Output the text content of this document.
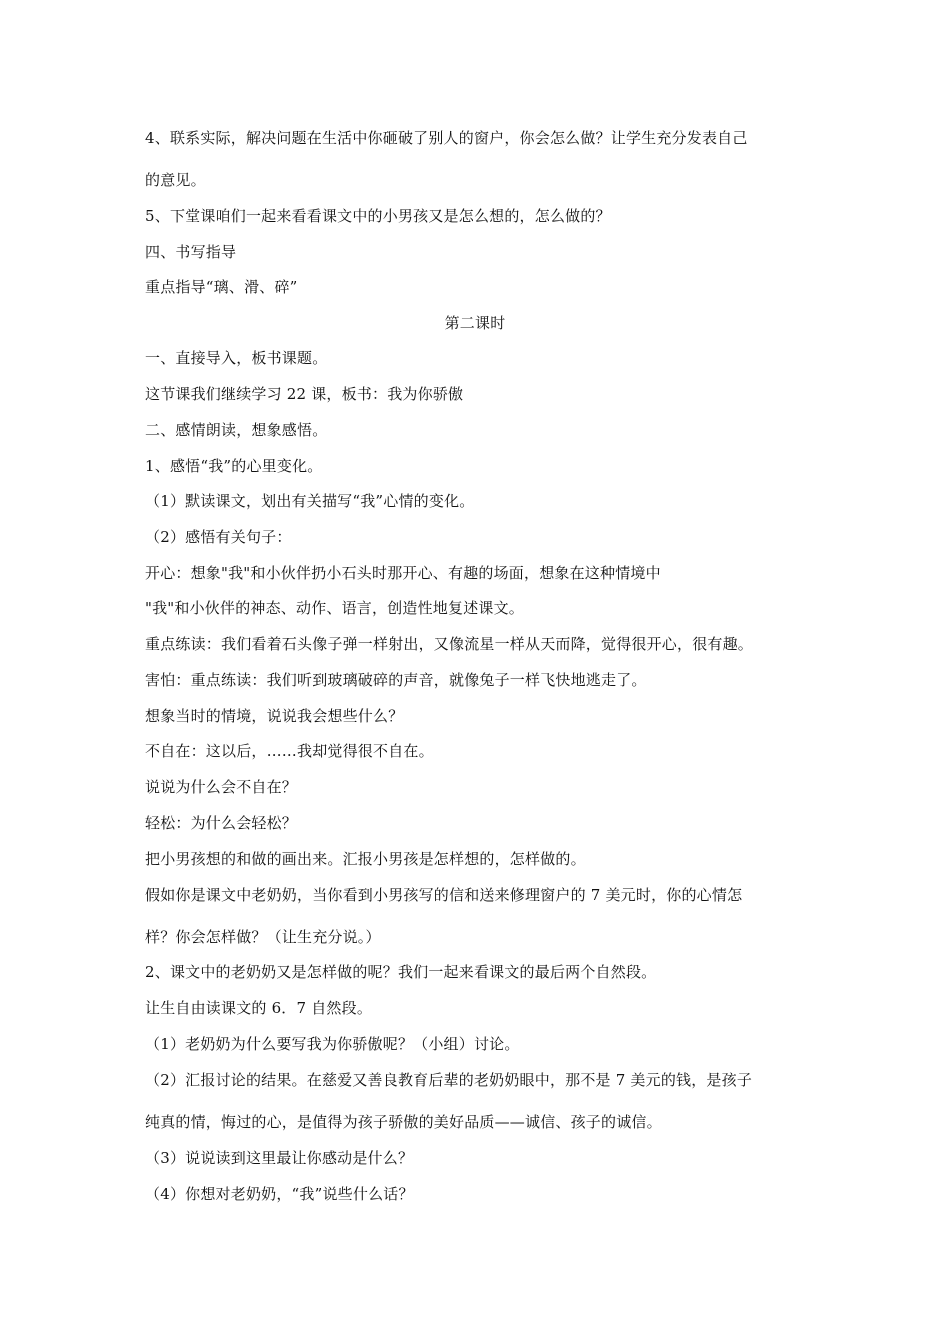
4、联系实际，解决问题在生活中你砸破了别人的窗户，你会怎么做？让学生充分发表自己
的意见。
5、下堂课咱们一起来看看课文中的小男孩又是怎么想的，怎么做的？
四、书写指导
重点指导“璃、滑、碎”
第二课时
一、直接导入，板书课题。
这节课我们继续学习 22 课，板书：我为你骄傲
二、感情朗读，想象感悟。
1、感悟“我”的心里变化。
（1）默读课文，划出有关描写“我”心情的变化。
（2）感悟有关句子：
开心：想象"我"和小伙伴扔小石头时那开心、有趣的场面，想象在这种情境中
"我"和小伙伴的神态、动作、语言，创造性地复述课文。
重点练读：我们看着石头像子弹一样射出，又像流星一样从天而降，觉得很开心，很有趣。
害怕：重点练读：我们听到玻璃破碎的声音，就像兔子一样飞快地逃走了。
想象当时的情境，说说我会想些什么？
不自在：这以后，……我却觉得很不自在。
说说为什么会不自在？
轻松：为什么会轻松？
把小男孩想的和做的画出来。汇报小男孩是怎样想的，怎样做的。
假如你是课文中老奶奶，当你看到小男孩写的信和送来修理窗户的 7 美元时，你的心情怎
样？你会怎样做？（让生充分说。）
2、课文中的老奶奶又是怎样做的呢？我们一起来看课文的最后两个自然段。
让生自由读课文的 6．7 自然段。
（1）老奶奶为什么要写我为你骄傲呢？（小组）讨论。
（2）汇报讨论的结果。在慈爱又善良教育后辈的老奶奶眼中，那不是 7 美元的钱，是孩子
纯真的情，悔过的心，是值得为孩子骄傲的美好品质——诚信、孩子的诚信。
（3）说说读到这里最让你感动是什么？
（4）你想对老奶奶，“我”说些什么话？
